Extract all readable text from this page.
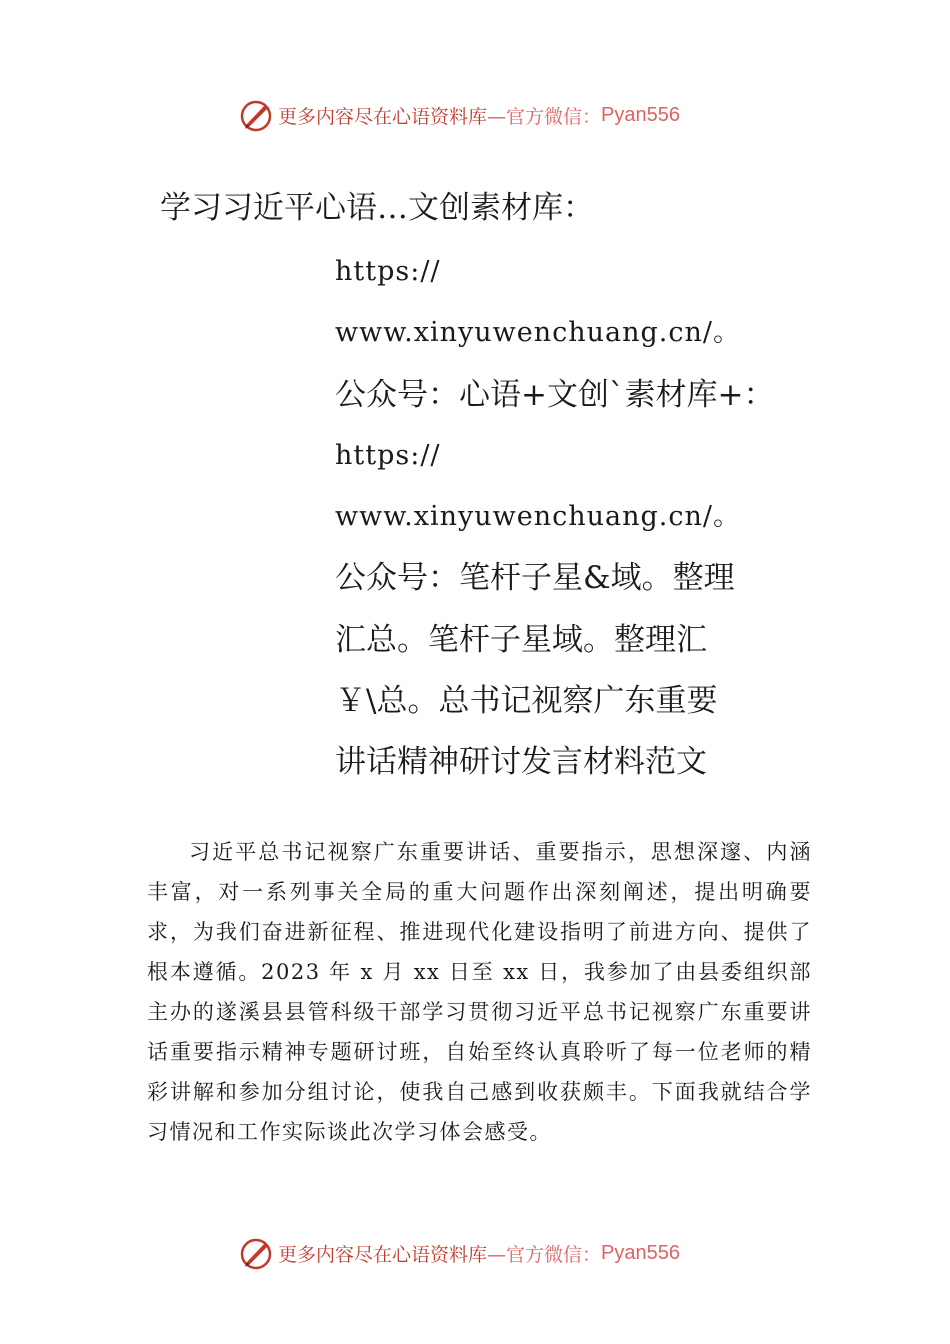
更多内容尽在心语资料库 —官方微信： Pyan556
学习习近平心语…文创素材库：
https://
www.xinyuwenchuang.cn/。
公众号：心语+文创`素材库+：
https://
www.xinyuwenchuang.cn/。
公众号：笔杆子星&域。整理
汇总。笔杆子星域。整理汇
￥\总。总书记视察广东重要
讲话精神研讨发言材料范文
习近平总书记视察广东重要讲话、重要指示，思想深邃、内涵丰富，对一系列事关全局的重大问题作出深刻阐述，提出明确要求，为我们奋进新征程、推进现代化建设指明了前进方向、提供了根本遵循。2023 年 x 月 xx 日至 xx 日，我参加了由县委组织部主办的遂溪县县管科级干部学习贯彻习近平总书记视察广东重要讲话重要指示精神专题研讨班，自始至终认真聆听了每一位老师的精彩讲解和参加分组讨论，使我自己感到收获颇丰。下面我就结合学习情况和工作实际谈此次学习体会感受。
更多内容尽在心语资料库 —官方微信： Pyan556
